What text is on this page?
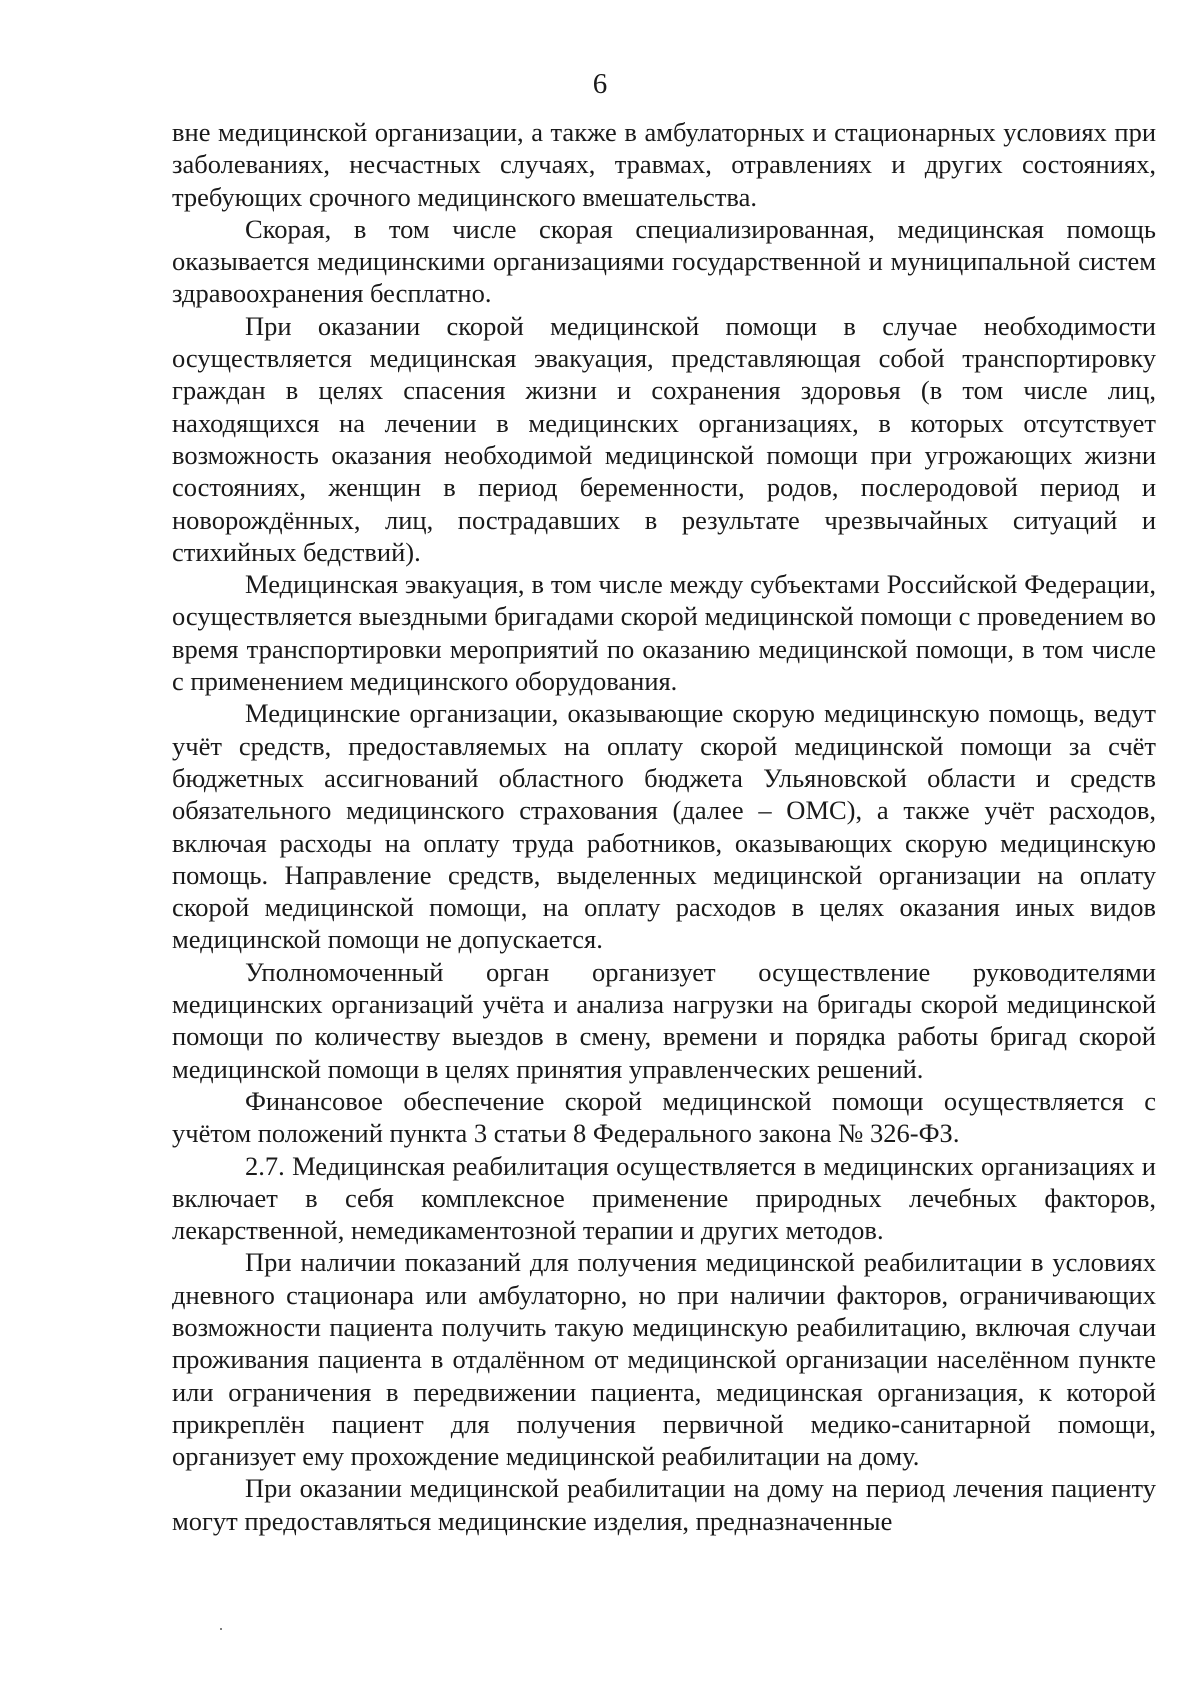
6

вне медицинской организации, а также в амбулаторных и стационарных условиях при заболеваниях, несчастных случаях, травмах, отравлениях и других состояниях, требующих срочного медицинского вмешательства.

Скорая, в том числе скорая специализированная, медицинская помощь оказывается медицинскими организациями государственной и муниципальной систем здравоохранения бесплатно.

При оказании скорой медицинской помощи в случае необходимости осуществляется медицинская эвакуация, представляющая собой транспортировку граждан в целях спасения жизни и сохранения здоровья (в том числе лиц, находящихся на лечении в медицинских организациях, в которых отсутствует возможность оказания необходимой медицинской помощи при угрожающих жизни состояниях, женщин в период беременности, родов, послеродовой период и новорождённых, лиц, пострадавших в результате чрезвычайных ситуаций и стихийных бедствий).

Медицинская эвакуация, в том числе между субъектами Российской Федерации, осуществляется выездными бригадами скорой медицинской помощи с проведением во время транспортировки мероприятий по оказанию медицинской помощи, в том числе с применением медицинского оборудования.

Медицинские организации, оказывающие скорую медицинскую помощь, ведут учёт средств, предоставляемых на оплату скорой медицинской помощи за счёт бюджетных ассигнований областного бюджета Ульяновской области и средств обязательного медицинского страхования (далее – ОМС), а также учёт расходов, включая расходы на оплату труда работников, оказывающих скорую медицинскую помощь. Направление средств, выделенных медицинской организации на оплату скорой медицинской помощи, на оплату расходов в целях оказания иных видов медицинской помощи не допускается.

Уполномоченный орган организует осуществление руководителями медицинских организаций учёта и анализа нагрузки на бригады скорой медицинской помощи по количеству выездов в смену, времени и порядка работы бригад скорой медицинской помощи в целях принятия управленческих решений.

Финансовое обеспечение скорой медицинской помощи осуществляется с учётом положений пункта 3 статьи 8 Федерального закона № 326-ФЗ.

2.7. Медицинская реабилитация осуществляется в медицинских организациях и включает в себя комплексное применение природных лечебных факторов, лекарственной, немедикаментозной терапии и других методов.

При наличии показаний для получения медицинской реабилитации в условиях дневного стационара или амбулаторно, но при наличии факторов, ограничивающих возможности пациента получить такую медицинскую реабилитацию, включая случаи проживания пациента в отдалённом от медицинской организации населённом пункте или ограничения в передвижении пациента, медицинская организация, к которой прикреплён пациент для получения первичной медико-санитарной помощи, организует ему прохождение медицинской реабилитации на дому.

При оказании медицинской реабилитации на дому на период лечения пациенту могут предоставляться медицинские изделия, предназначенные
